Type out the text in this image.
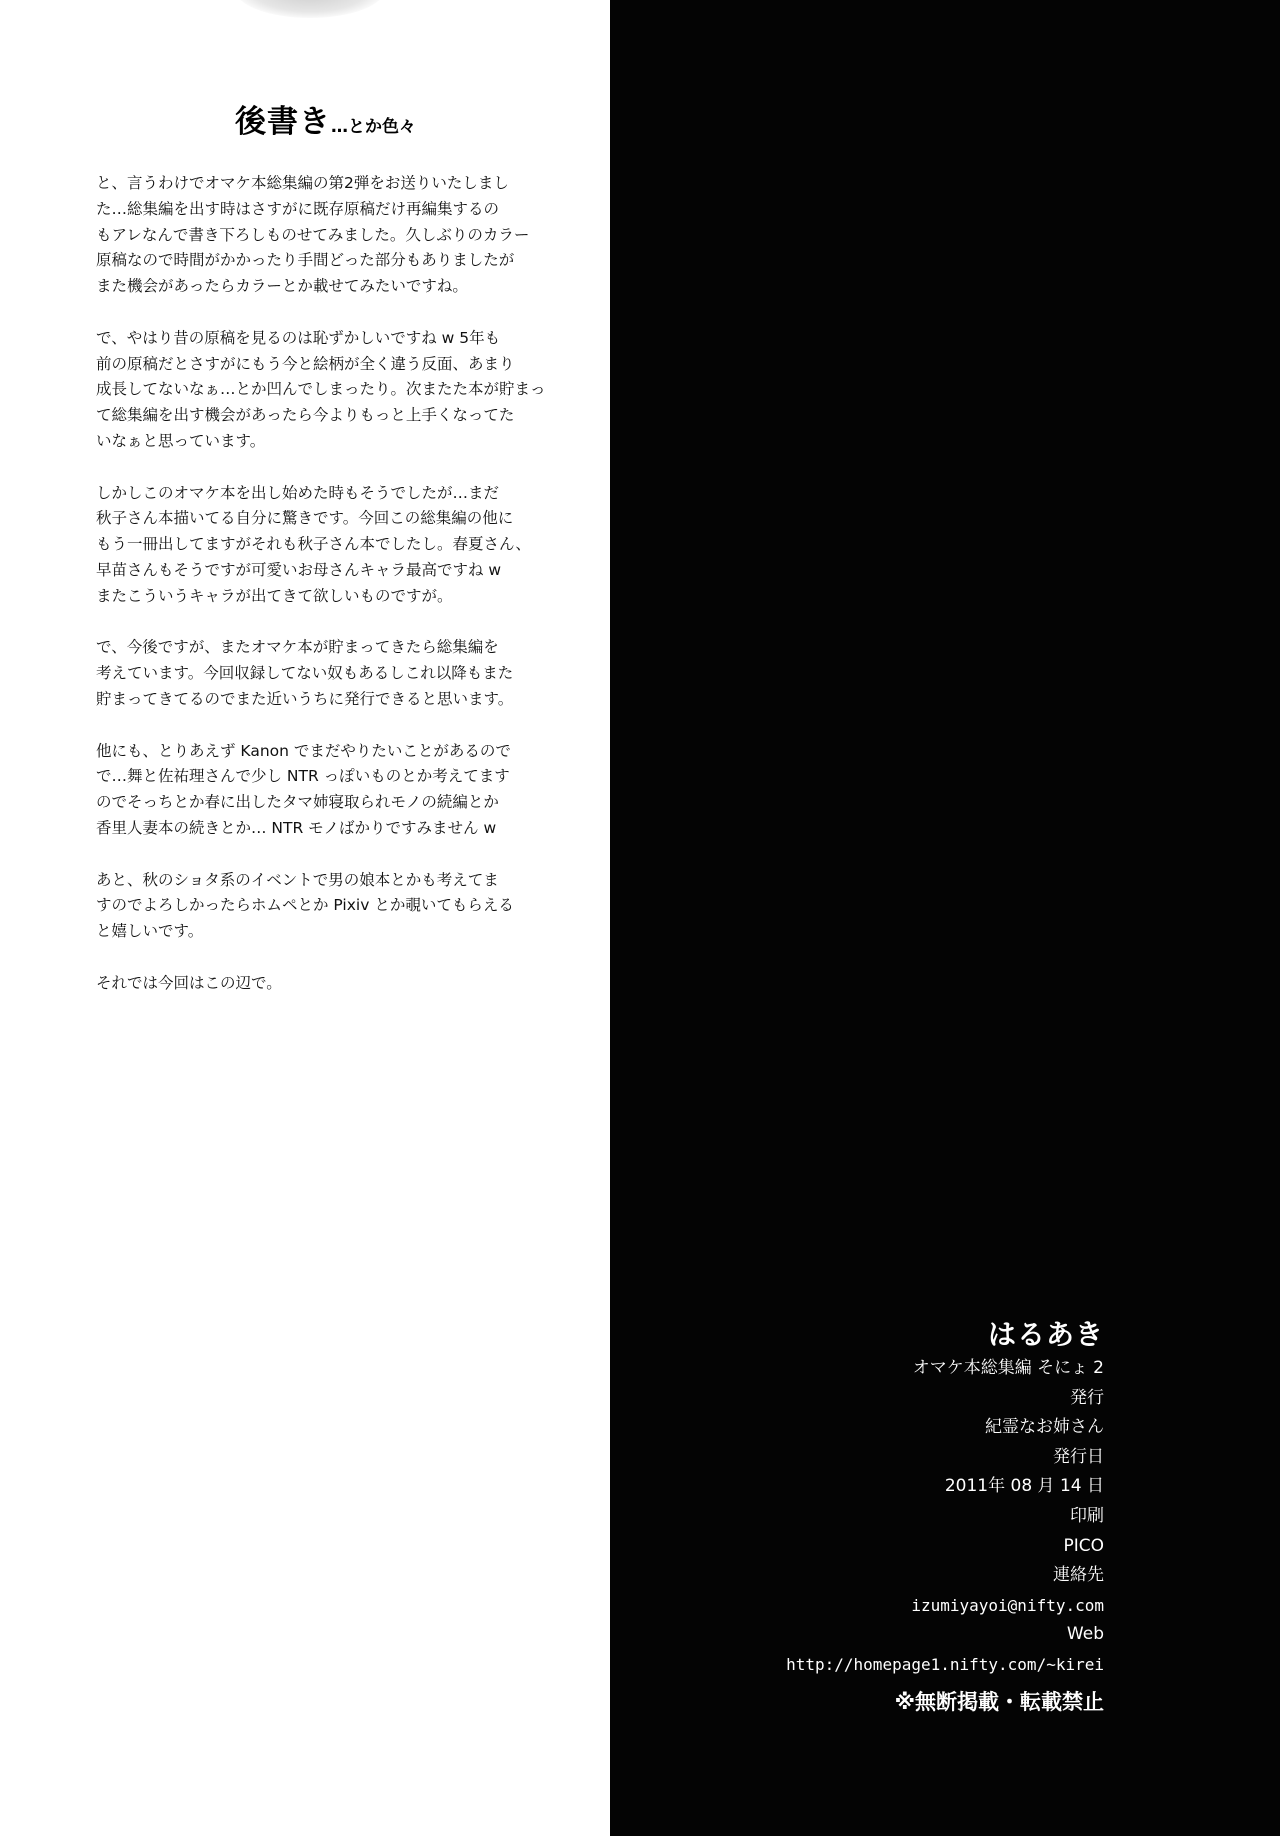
後書き…とか色々
と、言うわけでオマケ本総集編の第2弾をお送りいたしまし
た…総集編を出す時はさすがに既存原稿だけ再編集するの
もアレなんで書き下ろしものせてみました。久しぶりのカラー
原稿なので時間がかかったり手間どった部分もありましたが
また機会があったらカラーとか載せてみたいですね。
で、やはり昔の原稿を見るのは恥ずかしいですね w 5年も
前の原稿だとさすがにもう今と絵柄が全く違う反面、あまり
成長してないなぁ…とか凹んでしまったり。次またた本が貯まっ
て総集編を出す機会があったら今よりもっと上手くなってた
いなぁと思っています。
しかしこのオマケ本を出し始めた時もそうでしたが…まだ
秋子さん本描いてる自分に驚きです。今回この総集編の他に
もう一冊出してますがそれも秋子さん本でしたし。春夏さん、
早苗さんもそうですが可愛いお母さんキャラ最高ですね w
またこういうキャラが出てきて欲しいものですが。
で、今後ですが、またオマケ本が貯まってきたら総集編を
考えています。今回収録してない奴もあるしこれ以降もまた
貯まってきてるのでまた近いうちに発行できると思います。
他にも、とりあえず Kanon でまだやりたいことがあるので
で…舞と佐祐理さんで少し NTR っぽいものとか考えてます
のでそっちとか春に出したタマ姉寝取られモノの続編とか
香里人妻本の続きとか… NTR モノばかりですみません w
あと、秋のショタ系のイベントで男の娘本とかも考えてま
すのでよろしかったらホムペとか Pixiv とか覗いてもらえる
と嬉しいです。
それでは今回はこの辺で。
はるあき
オマケ本総集編 そにょ 2
発行
紀霊なお姉さん
発行日
2011年 08 月 14 日
印刷
PICO
連絡先
izumiyayoi@nifty.com
Web
http://homepage1.nifty.com/~kirei
※無断掲載・転載禁止
